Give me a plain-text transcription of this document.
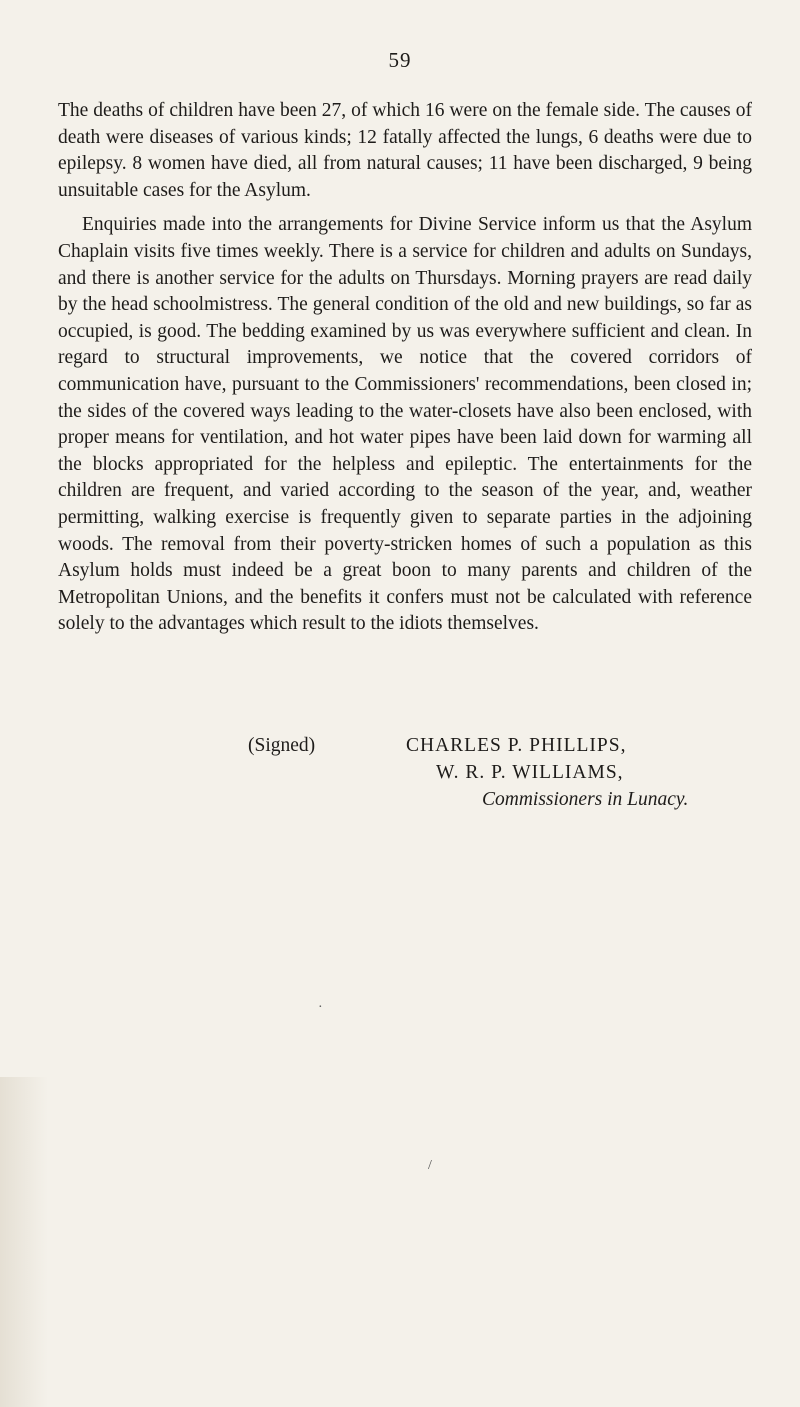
59

The deaths of children have been 27, of which 16 were on the female side. The causes of death were diseases of various kinds; 12 fatally affected the lungs, 6 deaths were due to epilepsy. 8 women have died, all from natural causes; 11 have been discharged, 9 being unsuitable cases for the Asylum.

Enquiries made into the arrangements for Divine Service inform us that the Asylum Chaplain visits five times weekly. There is a service for children and adults on Sundays, and there is another service for the adults on Thursdays. Morning prayers are read daily by the head schoolmistress. The general condition of the old and new buildings, so far as occupied, is good. The bedding examined by us was everywhere sufficient and clean. In regard to structural improvements, we notice that the covered corridors of communication have, pursuant to the Commissioners' recommendations, been closed in; the sides of the covered ways leading to the water-closets have also been enclosed, with proper means for ventilation, and hot water pipes have been laid down for warming all the blocks appropriated for the helpless and epileptic. The entertainments for the children are frequent, and varied according to the season of the year, and, weather permitting, walking exercise is frequently given to separate parties in the adjoining woods. The removal from their poverty-stricken homes of such a population as this Asylum holds must indeed be a great boon to many parents and children of the Metropolitan Unions, and the benefits it confers must not be calculated with reference solely to the advantages which result to the idiots themselves.

(Signed)	CHARLES P. PHILLIPS,
W. R. P. WILLIAMS,
Commissioners in Lunacy.
·
/
